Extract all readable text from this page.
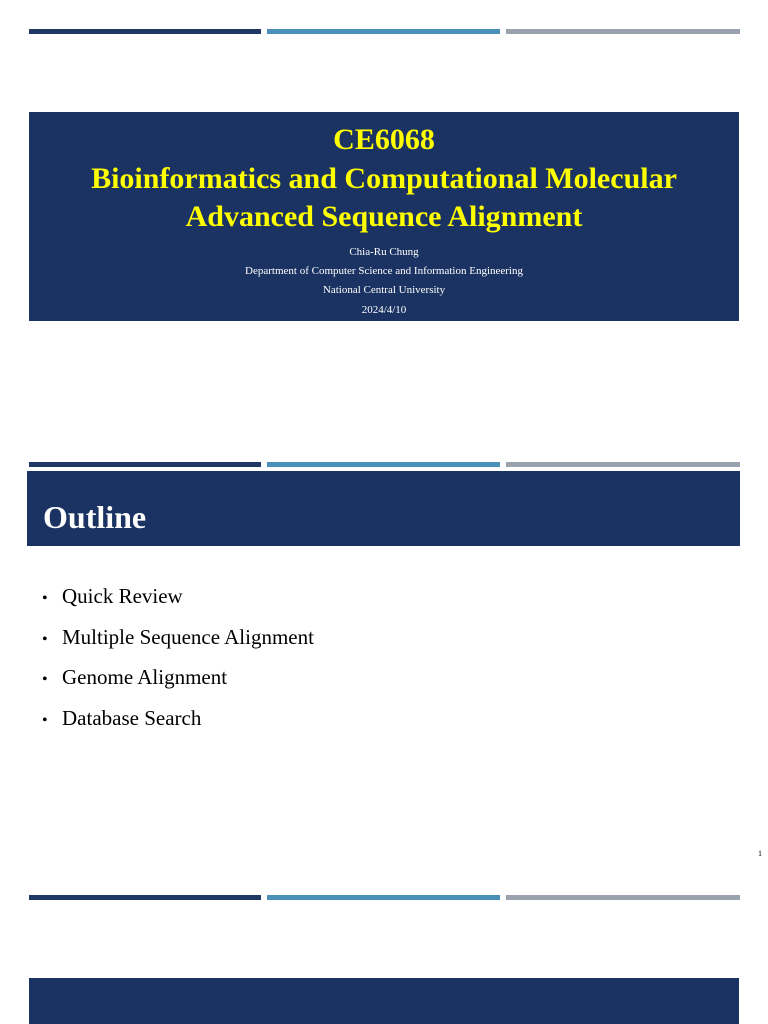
CE6068
Bioinformatics and Computational Molecular
Advanced Sequence Alignment
Chia-Ru Chung
Department of Computer Science and Information Engineering
National Central University
2024/4/10
Outline
• Quick Review
• Multiple Sequence Alignment
• Genome Alignment
• Database Search
1
